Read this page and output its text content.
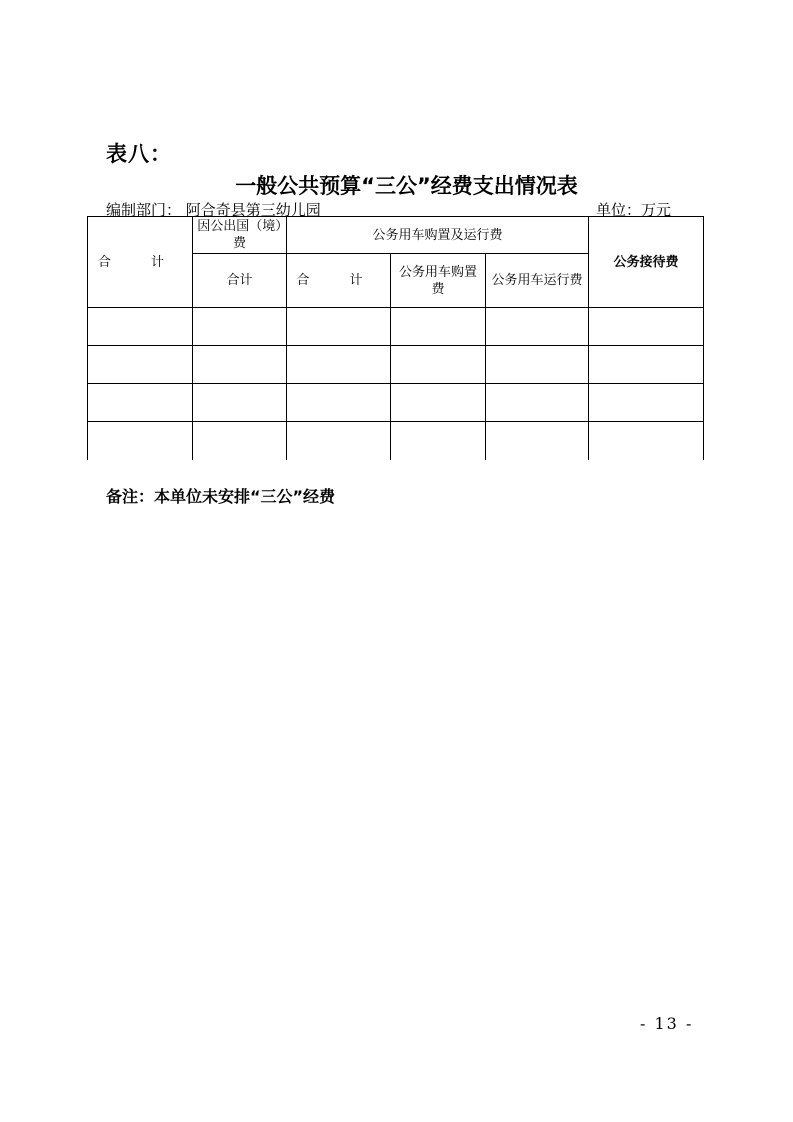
表八：
一般公共预算“三公”经费支出情况表
编制部门： 阿合奇县第三幼儿园	单位：万元
合 计	因公出国（境）费	公务用车购置及运行费			公务接待费
	合计	合 计	公务用车购置费	公务用车运行费	

备注：本单位未安排“三公”经费
- 13 -
